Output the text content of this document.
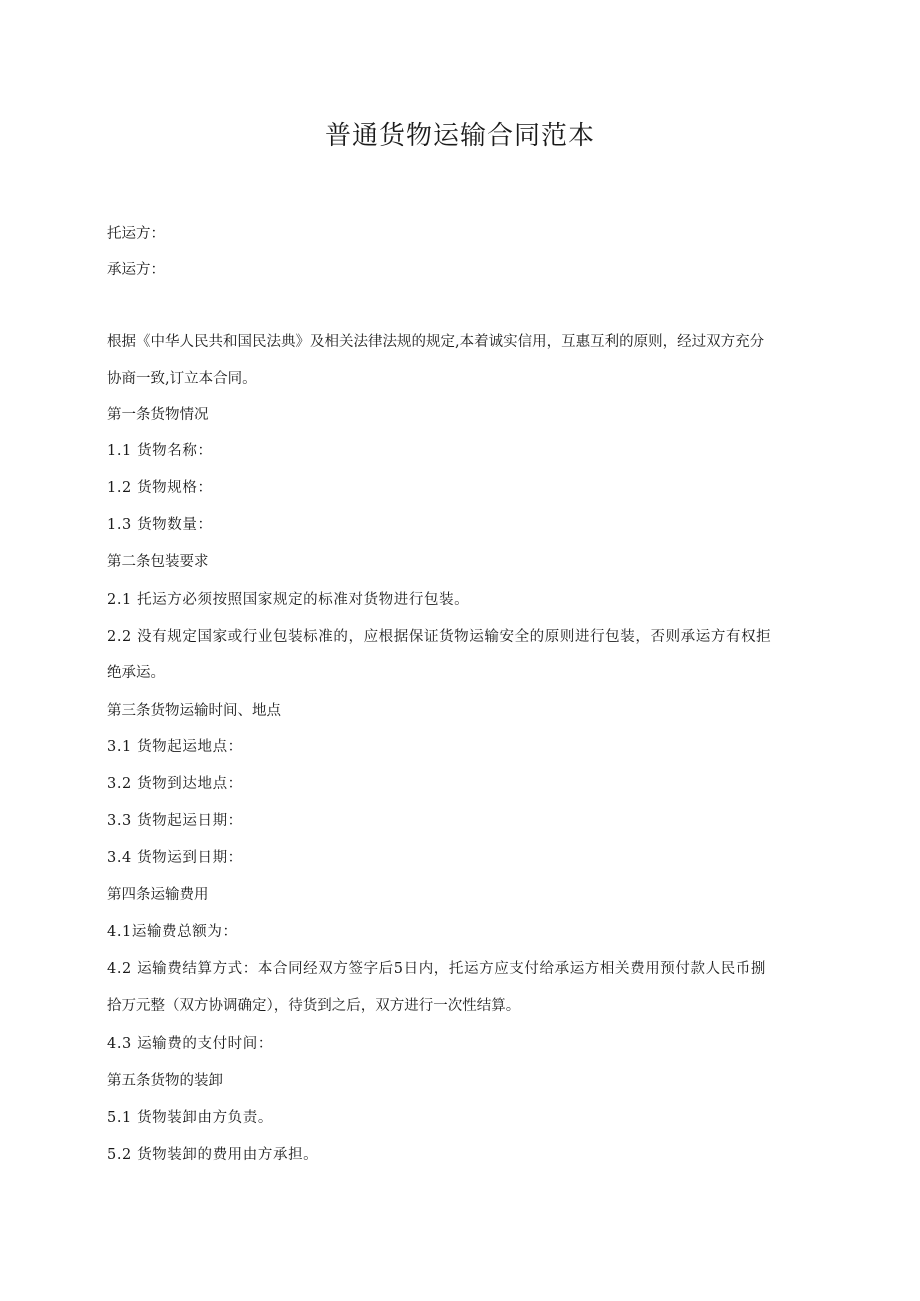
普通货物运输合同范本

托运方：

承运方：

根据《中华人民共和国民法典》及相关法律法规的规定,本着诚实信用，互惠互利的原则，经过双方充分

协商一致,订立本合同。

第一条货物情况

1.1 货物名称：

1.2 货物规格：

1.3 货物数量：

第二条包装要求

2.1 托运方必须按照国家规定的标准对货物进行包装。

2.2 没有规定国家或行业包装标准的，应根据保证货物运输安全的原则进行包装，否则承运方有权拒

绝承运。

第三条货物运输时间、地点

3.1 货物起运地点：

3.2 货物到达地点：

3.3 货物起运日期：

3.4 货物运到日期：

第四条运输费用

4.1运输费总额为：

4.2 运输费结算方式：本合同经双方签字后5日内，托运方应支付给承运方相关费用预付款人民币捌

拾万元整（双方协调确定），待货到之后，双方进行一次性结算。

4.3 运输费的支付时间：

第五条货物的装卸

5.1 货物装卸由方负责。

5.2 货物装卸的费用由方承担。
